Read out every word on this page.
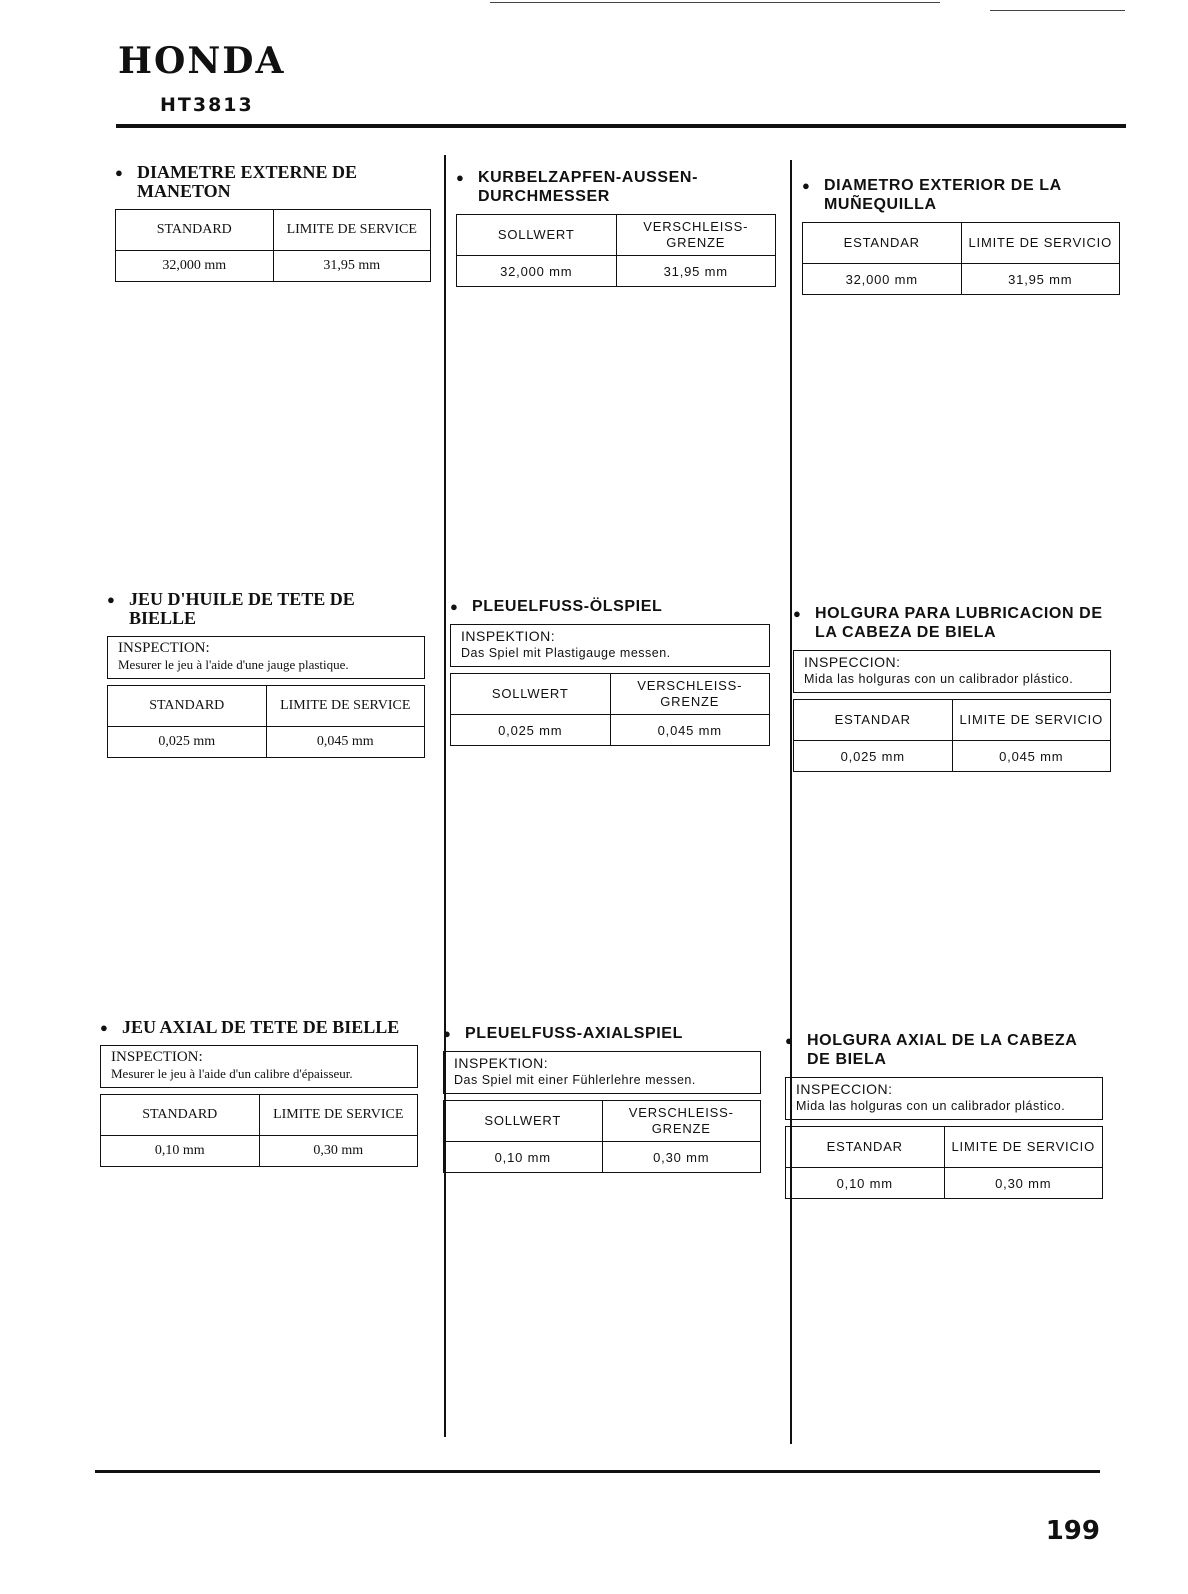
HONDA
HT3813
● DIAMETRE EXTERNE DE MANETON
STANDARD	LIMITE DE SERVICE
32,000 mm	31,95 mm
● KURBELZAPFEN-AUSSEN-DURCHMESSER
SOLLWERT	VERSCHLEISS-GRENZE
32,000 mm	31,95 mm
● DIAMETRO EXTERIOR DE LA MUÑEQUILLA
ESTANDAR	LIMITE DE SERVICIO
32,000 mm	31,95 mm
● JEU D'HUILE DE TETE DE BIELLE
INSPECTION:
Mesurer le jeu à l'aide d'une jauge plastique.
STANDARD	LIMITE DE SERVICE
0,025 mm	0,045 mm
● PLEUELFUSS-ÖLSPIEL
INSPEKTION:
Das Spiel mit Plastigauge messen.
SOLLWERT	VERSCHLEISS-GRENZE
0,025 mm	0,045 mm
● HOLGURA PARA LUBRICACION DE LA CABEZA DE BIELA
INSPECCION:
Mida las holguras con un calibrador plástico.
ESTANDAR	LIMITE DE SERVICIO
0,025 mm	0,045 mm
● JEU AXIAL DE TETE DE BIELLE
INSPECTION:
Mesurer le jeu à l'aide d'un calibre d'épaisseur.
STANDARD	LIMITE DE SERVICE
0,10 mm	0,30 mm
● PLEUELFUSS-AXIALSPIEL
INSPEKTION:
Das Spiel mit einer Fühlerlehre messen.
SOLLWERT	VERSCHLEISS-GRENZE
0,10 mm	0,30 mm
● HOLGURA AXIAL DE LA CABEZA DE BIELA
INSPECCION:
Mida las holguras con un calibrador plástico.
ESTANDAR	LIMITE DE SERVICIO
0,10 mm	0,30 mm
199
